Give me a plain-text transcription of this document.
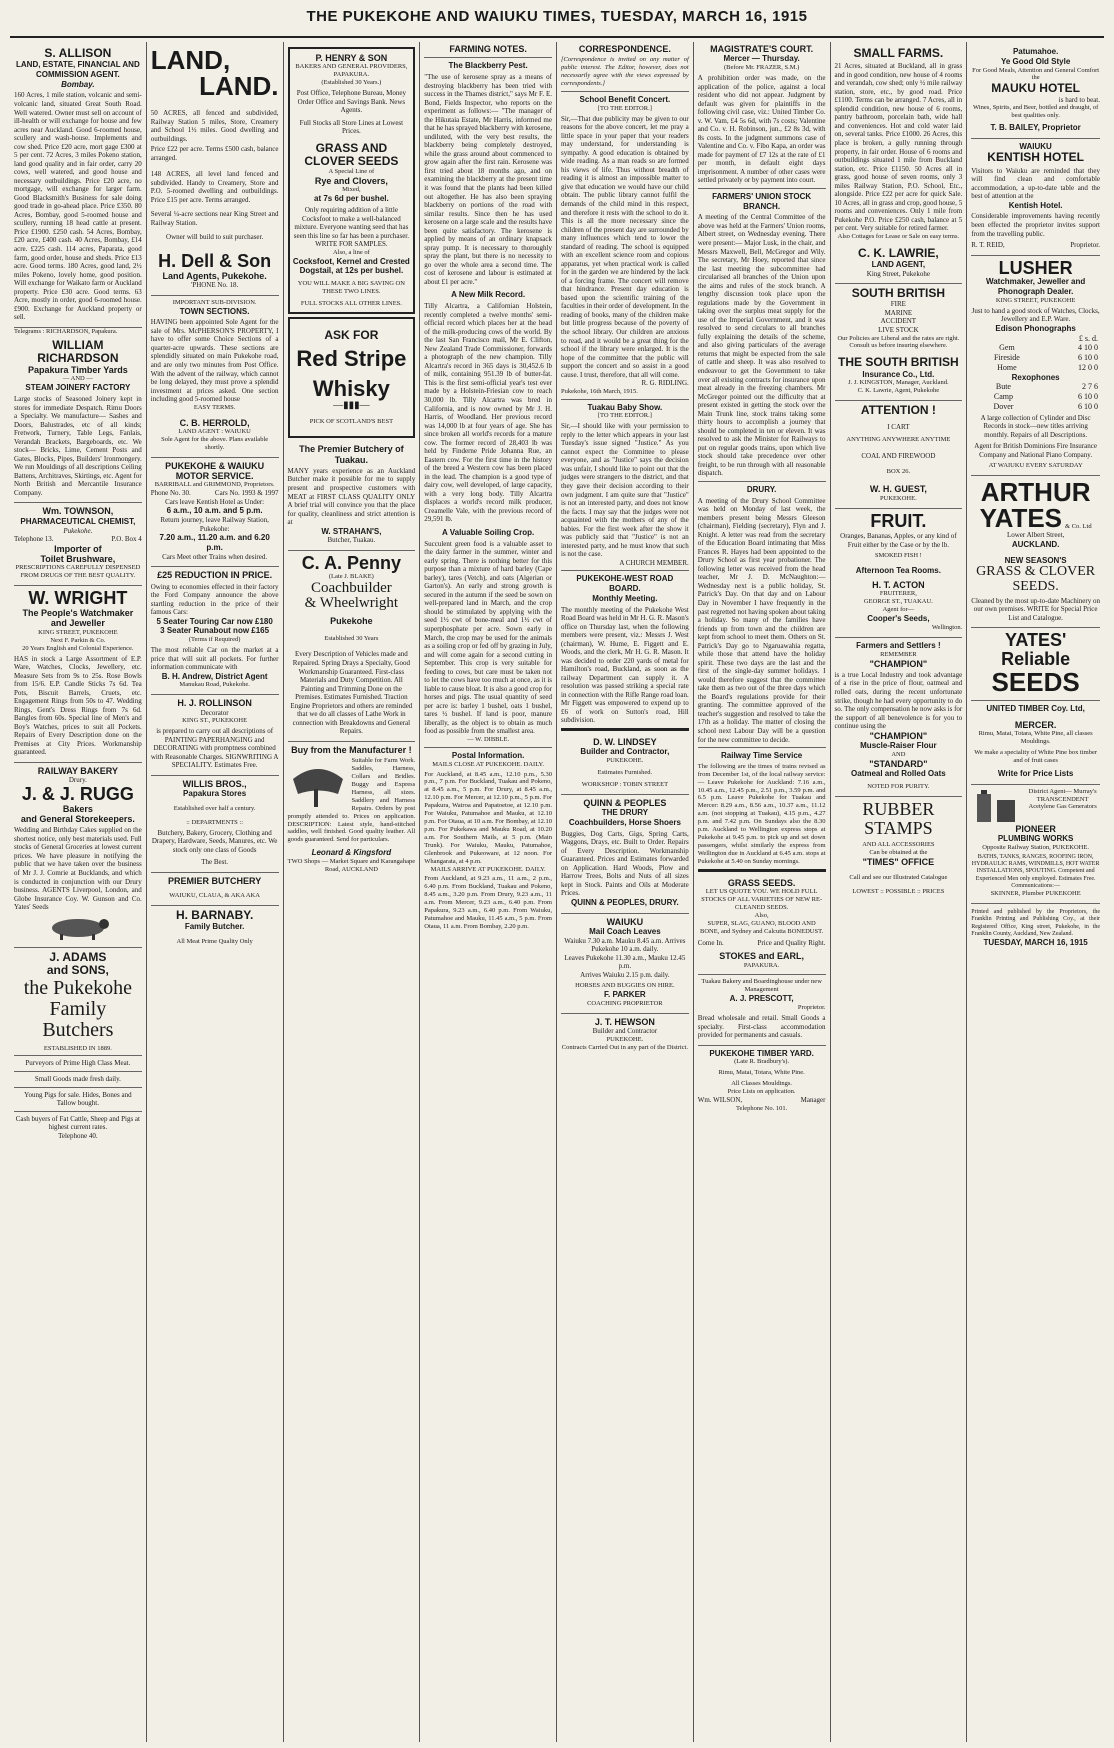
THE PUKEKOHE AND WAIUKU TIMES, TUESDAY, MARCH 16, 1915
S. ALLISON
LAND, ESTATE, FINANCIAL AND COMMISSION AGENT.
Bombay.
160 Acres, 1 mile station, volcanic and semi-volcanic land, situated Great South Road. Well watered. Owner must sell on account of ill-health or will exchange for house and few acres near Auckland. Good 6-roomed house, scullery and wash-house. Implements and cow shed. Price £20 acre, mort gage £300 at 5 per cent. 72 Acres, 3 miles Pokeno station, land good quality and in fair order, carry 20 cows, well watered, and good house and necessary outbuildings. Price £20 acre, no mortgage, will exchange for larger farm. Good Blacksmith's Business for sale doing good trade in go-ahead place. Price £350. 80 Acres, Bombay, good 5-roomed house and scullery, running 18 head cattle at present. Price £1900. £250 cash. 54 Acres, Bombay, £20 acre, £400 cash. 40 Acres, Bombay, £14 acre. £225 cash. 114 acres, Paparata, good farm, good order, house and sheds. Price £13 acre. Good terms. 180 Acres, good land, 2½ miles Pokeno, lovely home, good position. Will exchange for Waikato farm or Auckland property. Price £30 acre. Good terms. 63 Acre, mostly in order, good 6-roomed house. £900. Exchange for Auckland property or sell.
Telegrams : RICHARDSON, Papakura.
WILLIAM RICHARDSON
Papakura Timber Yards
— AND —
STEAM JOINERY FACTORY
Large stocks of Seasoned Joinery kept in stores for immediate Despatch. Rimu Doors a Specialty. We manufacture— Sashes and Doors, Balustrades, etc of all kinds; Fretwork, Turnery, Table Legs, Fanlais, Verandah Brackets, Bargeboards, etc. We stock— Bricks, Lime, Cement Posts and Gates, Blocks, Pipes, Builders' Ironmongery. We run Mouldings of all descriptions Ceiling Battens, Architraves, Skirtings, etc. Agent for North British and Mercantile Insurance Company.
Wm. TOWNSON,
PHARMACEUTICAL CHEMIST,
Pukekohe.
Telephone 13.	P.O. Box 4
Importer of
Toilet Brushware,
PRESCRIPTIONS CAREFULLY DISPENSED FROM DRUGS OF THE BEST QUALITY.
W. WRIGHT
The People's Watchmaker and Jeweller
KING STREET, PUKEKOHE
Next F. Parkin & Co.
20 Years English and Colonial Experience.
HAS in stock a Large Assortment of E.P. Ware, Watches, Clocks, Jewellery, etc. Measure Sets from 9s to 25s. Rose Bowls from 15/6. E.P. Candle Sticks 7s 6d. Tea Pots, Biscuit Barrels, Cruets, etc. Engagement Rings from 50s to 47. Wedding Rings, Gent's Dress Rings from 7s 6d. Bangles from 60s. Special line of Men's and Boy's Watches, prices to suit all Pockets. Repairs of Every Description done on the Premises at City Prices. Workmanship guaranteed.
RAILWAY BAKERY
Drury.
J. & J. RUGG
Bakers
and General Storekeepers.
Wedding and Birthday Cakes supplied on the shortest notice, only best materials used. Full stocks of General Groceries at lowest current prices. We have pleasure in notifying the public that we have taken over the business of Mr J. J. Comrie at Bucklands, and which is conducted in conjunction with our Drury business. AGENTS Liverpool, London, and Globe Insurance Coy. W. Gunson and Co. Yates' Seeds
J. ADAMS
and SONS,
the Pukekohe
Family Butchers
ESTABLISHED IN 1889.
Purveyors of Prime High Class Meat.
Small Goods made fresh daily.
Young Pigs for sale. Hides, Bones and Tallow bought.
Cash buyers of Fat Cattle, Sheep and Pigs at highest current rates.
Telephone 40.
LAND,
LAND.
50 ACRES, all fenced and subdivided, Railway Station 5 miles, Store, Creamery and School 1½ miles. Good dwelling and outbuildings.
Price £22 per acre. Terms £500 cash, balance arranged.
148 ACRES, all level land fenced and subdivided. Handy to Creamery, Store and P.O. 5-roomed dwelling and outbuildings. Price £15 per acre. Terms arranged.
Several ¼-acre sections near King Street and Railway Station.
Owner will build to suit purchaser.
H. Dell & Son
Land Agents, Pukekohe.
'PHONE No. 18.
IMPORTANT SUB-DIVISION.
TOWN SECTIONS.
HAVING been appointed Sole Agent for the sale of Mrs. McPHERSON'S PROPERTY, I have to offer some Choice Sections of a quarter-acre upwards. These sections are splendidly situated on main Pukekohe road, and are only two minutes from Post Office. With the advent of the railway, which cannot be long delayed, they must prove a splendid investment at prices asked. One section including good 5-roomed house
EASY TERMS.
C. B. HERROLD,
LAND AGENT : WAIUKU
Sole Agent for the above. Plans available shortly.
PUKEKOHE & WAIUKU MOTOR SERVICE.
BARRIBALL and GRIMMOND, Proprietors.
Phone No. 30.	Cars No. 1993 & 1997
Cars leave Kentish Hotel as Under:
6 a.m., 10 a.m. and 5 p.m.
Return journey, leave Railway Station, Pukekohe:
7.20 a.m., 11.20 a.m. and 6.20 p.m.
Cars Meet other Trains when desired.
£25 REDUCTION IN PRICE.
Owing to economies effected in their factory the Ford Company announce the above startling reduction in the price of their famous Cars:
5 Seater Touring Car now £180
3 Seater Runabout now £165
(Terms if Required)
The most reliable Car on the market at a price that will suit all pockets. For further information communicate with
B. H. Andrew, District Agent
Manukau Road, Pukekohe.
H. J. ROLLINSON
Decorator
KING ST., PUKEKOHE
is prepared to carry out all descriptions of PAINTING PAPERHANGING and DECORATING with promptness combined with Reasonable Charges. SIGNWRITING A SPECIALITY. Estimates Free.
WILLIS BROS.,
Papakura Stores
Established over half a century.
:: DEPARTMENTS ::
Butchery, Bakery, Grocery, Clothing and Drapery, Hardware, Seeds, Manures, etc. We stock only one class of Goods
The Best.
PREMIER BUTCHERY
WAIUKU, CLAUA, & AKA AKA
H. BARNABY.
Family Butcher.
All Meat Prime Quality Only
P. HENRY & SON
BAKERS AND GENERAL PROVIDERS, PAPAKURA.
(Established 30 Years.)
Post Office, Telephone Bureau, Money Order Office and Savings Bank. News Agents.
Full Stocks all Store Lines at Lowest Prices.
GRASS AND CLOVER SEEDS
A Special Line of
Rye and Clovers,
Mixed,
at 7s 6d per bushel.
Only requiring addition of a little Cocksfoot to make a well-balanced mixture. Everyone wanting seed that has seen this line so far has been a purchaser. WRITE FOR SAMPLES.
Also, a line of
Cocksfoot, Kernel and Crested Dogstail, at 12s per bushel.
YOU WILL MAKE A BIG SAVING ON THESE TWO LINES.
FULL STOCKS ALL OTHER LINES.
ASK FOR
Red Stripe
Whisky
—▮▮▮—
PICK OF SCOTLAND'S BEST
The Premier Butchery of Tuakau.
MANY years experience as an Auckland Butcher make it possible for me to supply present and prospective customers with MEAT at FIRST CLASS QUALITY ONLY A brief trial will convince you that the place for quality, cleanliness and strict attention is at
W. STRAHAN'S,
Butcher, Tuakau.
C. A. Penny
(Late J. BLAKE)
Coachbuilder
& Wheelwright
Pukekohe
Established 30 Years
Every Description of Vehicles made and Repaired. Spring Drays a Specialty, Good Workmanship Guaranteed. First-class Materials and Duty Competition. All Painting and Trimming Done on the Premises. Estimates Furnished. Traction Engine Proprietors and others are reminded that we do all classes of Lathe Work in connection with Breakdowns and General Repairs.
Buy from the Manufacturer !
Suitable for Farm Work. Saddles, Harness, Collars and Bridles. Buggy and Express Harness, all sizes. Saddlery and Harness Repairs. Orders by post promptly attended to. Prices on application. DESCRIPTION: Latest style, hand-stitched saddles, well finished. Good quality leather. All goods guaranteed. Send for particulars.
Leonard & Kingsford
TWO Shops — Market Square and Karangahape Road, AUCKLAND
FARMING NOTES.
The Blackberry Pest.
"The use of kerosene spray as a means of destroying blackberry has been tried with success in the Thames district," says Mr F. E. Bond, Fields Inspector, who reports on the experiment as follows:— "The manager of the Hikutaia Estate, Mr Harris, informed me that he has sprayed blackberry with kerosene, undiluted, with the very best results, the blackberry being completely destroyed, while the grass around about commenced to grow again after the first rain. Kerosene was first tried about 18 months ago, and on examining the blackberry at the present time it was found that the plants had been killed out altogether. He has also been spraying blackberry on portions of the road with similar results. Since then he has used kerosene on a large scale and the results have been quite satisfactory. The kerosene is applied by means of an ordinary knapsack spray pump. It is necessary to thoroughly spray the plant, but there is no necessity to go over the whole area a second time. The cost of kerosene and labour is estimated at about £1 per acre."
A New Milk Record.
Tilly Alcartra, a Californian Holstein, recently completed a twelve months' semi-official record which places her at the head of the milk-producing cows of the world. By the last San Francisco mail, Mr E. Clifton, New Zealand Trade Commissioner, forwards a photograph of the new champion. Tilly Alcartra's record in 365 days is 30,452.6 lb of milk, containing 951.39 lb of butter-fat. This is the first semi-official year's test ever made by a Holstein-Friesian cow to reach 30,000 lb. Tilly Alcartra was bred in California, and is now owned by Mr J. H. Harris, of Woodland. Her previous record was 14,000 lb at four years of age. She has since broken all world's records for a mature cow. The former record of 28,403 lb was held by Finderne Pride Johanna Rue, an Eastern cow. For the first time in the history of the breed a Western cow has been placed in the lead. The champion is a good type of dairy cow, well developed, of large capacity, with a very long body. Tilly Alcartra displaces a world's record milk producer, Creamelle Vale, with the previous record of 29,591 lb.
A Valuable Soiling Crop.
Succulent green food is a valuable asset to the dairy farmer in the summer, winter and early spring. There is nothing better for this purpose than a mixture of hard barley (Cape barley), tares (Vetch), and oats (Algerian or Garton's). An early and strong growth is secured in the autumn if the seed be sown on well-prepared land in March, and the crop should be stimulated by applying with the seed 1½ cwt of bone-meal and 1½ cwt of superphosphate per acre. Sown early in March, the crop may be used for the animals as a soiling crop or fed off by grazing in July, and will come again for a second cutting in September. This crop is very suitable for feeding to cows, but care must be taken not to let the cows have too much at once, as it is liable to cause bloat. It is also a good crop for horses and pigs. The usual quantity of seed per acre is: barley 1 bushel, oats 1 bushel, tares ½ bushel. If land is poor, manure liberally, as the object is to obtain as much food as possible from the smallest area.
— W. DIBBLE.
Postal Information.
MAILS CLOSE AT PUKEKOHE. DAILY.
For Auckland, at 8.45 a.m., 12.10 p.m., 5.30 p.m., 7 p.m. For Buckland, Tuakau and Pokeno, at 8.45 a.m., 5 p.m. For Drury, at 8.45 a.m., 12.10 p.m. For Mercer, at 12.10 p.m., 5 p.m. For Papakura, Wairoa and Papatoetoe, at 12.10 p.m. For Waiuku, Patumahoe and Mauku, at 12.10 p.m. For Otaua, at 10 a.m. For Bombay, at 12.10 p.m. For Pukekawa and Mauku Road, at 10.20 a.m. For Southern Mails, at 5 p.m. (Main Trunk). For Waiuku, Mauku, Patumahoe, Glenbrook and Pukeoware, at 12 noon. For Whangarata, at 4 p.m.
MAILS ARRIVE AT PUKEKOHE. DAILY.
From Auckland, at 9.23 a.m., 11 a.m., 2 p.m., 6.40 p.m. From Buckland, Tuakau and Pokeno, 8.45 a.m., 3.20 p.m. From Drury, 9.23 a.m., 11 a.m. From Mercer, 9.23 a.m., 6.40 p.m. From Papakura, 9.23 a.m., 6.40 p.m. From Waiuku, Patumahoe and Mauku, 11.45 a.m., 5 p.m. From Otaua, 11 a.m. From Bombay, 2.20 p.m.
CORRESPONDENCE.
[Correspondence is invited on any matter of public interest. The Editor, however, does not necessarily agree with the views expressed by correspondents.]
School Benefit Concert.
[TO THE EDITOR.]
Sir,—That due publicity may be given to our reasons for the above concert, let me pray a little space in your paper that your readers may understand, for understanding is sympathy. A good education is obtained by wide reading. As a man reads so are formed his views of life. Thus without breadth of reading it is almost an impossible matter to give that education we would have our child obtain. The public library cannot fulfil the demands of the child mind in this respect, and therefore it rests with the school to do it. This is all the more necessary since the children of the present day are surrounded by many influences which tend to lower the standard of reading. The school is equipped with an excellent science room and copious apparatus, yet when practical work is called for in the garden we are hindered by the lack of a forcing frame. The concert will remove that hindrance. Present day education is based upon the scientific training of the faculties in their order of development. In the reading of books, many of the children make but little progress because of the poverty of the school library. Our children are anxious to read, and it would be a great thing for the school if the library were enlarged. It is the hope of the committee that the public will support the concert and so assist in a good cause. I trust, therefore, that all will come.
R. G. RIDLING.
Pukekohe, 16th March, 1915.
Tuakau Baby Show.
[TO THE EDITOR.]
Sir,—I should like with your permission to reply to the letter which appears in your last Tuesday's issue signed "Justice." As you cannot expect the Committee to please everyone, and as "Justice" says the decision was unfair, I should like to point out that the judges were strangers to the district, and that they gave their decision according to their own judgment. I am quite sure that "Justice" is not an interested party, and does not know the facts. I may say that the judges were not acquainted with the mothers of any of the babies. For the first week after the show it was publicly said that "Justice" is not an interested party, and he must know that such is not the case.
A CHURCH MEMBER.
PUKEKOHE-WEST ROAD BOARD.
Monthly Meeting.
The monthly meeting of the Pukekohe West Road Board was held in Mr H. G. R. Mason's office on Thursday last, when the following members were present, viz.: Messrs J. West (chairman), W. Hume, E. Figgett and E. Woods, and the clerk, Mr H. G. R. Mason. It was decided to order 220 yards of metal for Hamilton's road, Buckland, as soon as the railway Department can supply it. A resolution was passed striking a special rate in connection with the Rifle Range road loan. Mr Figgett was empowered to expend up to £6 of work on Sutton's road, Hill subdivision.
D. W. LINDSEY
Builder and Contractor,
PUKEKOHE.
Estimates Furnished.
WORKSHOP : TOBIN STREET
QUINN & PEOPLES
THE DRURY
Coachbuilders, Horse Shoers
Buggies, Dog Carts, Gigs, Spring Carts, Waggons, Drays, etc. Built to Order. Repairs of Every Description. Workmanship Guaranteed. Prices and Estimates forwarded on Application. Hard Woods, Plow and Harrow Trees, Bolts and Nuts of all sizes kept in Stock. Paints and Oils at Moderate Prices.
QUINN & PEOPLES, DRURY.
WAIUKU
Mail Coach Leaves
Waiuku 7.30 a.m. Mauku 8.45 a.m. Arrives Pukekohe 10 a.m. daily.
Leaves Pukekohe 11.30 a.m., Mauku 12.45 p.m.
Arrives Waiuku 2.15 p.m. daily.
HORSES AND BUGGIES ON HIRE.
F. PARKER
COACHING PROPRIETOR
J. T. HEWSON
Builder and Contractor
PUKEKOHE.
Contracts Carried Out in any part of the District.
MAGISTRATE'S COURT.
Mercer — Thursday.
(Before Mr. FRAZER, S.M.)
A prohibition order was made, on the application of the police, against a local resident who did not appear. Judgment by default was given for plaintiffs in the following civil case, viz.: United Timber Co. v. W. Vam, £4 5s 6d, with 7s costs; Valentine and Co. v. H. Robinson, jun., £2 8s 3d, with 8s costs. In the judgment summons case of Valentine and Co. v. Fibo Kapa, an order was made for payment of £7 12s at the rate of £1 per month, in default eight days imprisonment. A number of other cases were settled privately or by payment into court.
FARMERS' UNION STOCK BRANCH.
A meeting of the Central Committee of the above was held at the Farmers' Union rooms, Albert street, on Wednesday evening. There were present:— Major Lusk, in the chair, and Messrs Maxwell, Bell, McGregor and Wily. The secretary, Mr Hoey, reported that since the last meeting the subcommittee had circularised all branches of the Union upon the aims and rules of the stock branch. A lengthy discussion took place upon the regulations made by the Government in taking over the surplus meat supply for the use of the Imperial Government, and it was resolved to send circulars to all branches fully explaining the details of the scheme, and also giving particulars of the average returns that might be expected from the sale of cattle and sheep. It was also resolved to endeavour to get the Government to take over all existing contracts for insurance upon meat already in the freezing chambers. Mr McGregor pointed out the difficulty that at present existed in getting the stock over the Main Trunk line, stock trains taking some thirty hours to accomplish a journey that should be completed in ten or eleven. It was resolved to ask the Minister for Railways to put on regular goods trains, upon which live stock should take precedence over other freight, to be run through with all reasonable dispatch.
DRURY.
A meeting of the Drury School Committee was held on Monday of last week, the members present being Messrs Gleeson (chairman), Fielding (secretary), Flyn and J. Knight. A letter was read from the secretary of the Education Board intimating that Miss Frances R. Hayes had been appointed to the Drury School as first year probationer. The following letter was received from the head teacher, Mr J. D. McNaughton:— Wednesday next is a public holiday, St. Patrick's Day. On that day and on Labour Day in November I have frequently in the past regretted not having spoken about taking a holiday. So many of the families have friends up from town and the children are kept from school to meet them. Others on St. Patrick's Day go to Ngaruawahia regatta, while those that attend have the holiday spirit. These two days are the last and the first of the single-day summer holidays. I would therefore suggest that the committee take them as two out of the three days which the Board's regulations provide for their granting. The committee approved of the teacher's suggestion and resolved to take the 17th as a holiday. The matter of closing the school next Labour Day will be a question for the new committee to decide.
Railway Time Service
The following are the times of trains revised as from December 1st, of the local railway service:— Leave Pukekohe for Auckland: 7.16 a.m., 10.45 a.m., 12.45 p.m., 2.51 p.m., 3.59 p.m. and 6.5 p.m. Leave Pukekohe for Tuakau and Mercer: 8.29 a.m., 8.56 a.m., 10.37 a.m., 11.12 a.m. (not stopping at Tuakau), 4.15 p.m., 4.27 p.m. and 7.42 p.m. On Sundays also the 8.30 p.m. Auckland to Wellington express stops at Pukekohe at 9.45 p.m. to pick up and set down passengers, whilst similarly the express from Wellington due in Auckland at 6.45 a.m. stops at Pukekohe at 5.40 on Sunday mornings.
GRASS SEEDS.
LET US QUOTE YOU. WE HOLD FULL STOCKS OF ALL VARIETIES OF NEW RE-CLEANED SEEDS.
Also,
SUPER, SLAG, GUANO, BLOOD AND BONE, and Sydney and Calcutta BONEDUST.
Come In.	Price and Quality Right.
STOKES and EARL,
PAPAKURA.
Tuakau Bakery and Boardinghouse under new Management
A. J. PRESCOTT,
Proprietor.
Bread wholesale and retail. Small Goods a specialty. First-class accommodation provided for permanents and casuals.
PUKEKOHE TIMBER YARD.
(Late R. Bradbury's).
Rimu, Matai, Totara, White Pine.
All Classes Mouldings.
Price Lists on application.
Wm. WILSON,	Manager
Telephone No. 101.
SMALL FARMS.
21 Acres, situated at Buckland, all in grass and in good condition, new house of 4 rooms and verandah, cow shed; only ½ mile railway station, store, etc., by good road. Price £1100. Terms can be arranged. 7 Acres, all in splendid condition, new house of 6 rooms, pantry bathroom, porcelain bath, wide hall and conveniences. Hot and cold water laid on, several tanks. Price £1000. 26 Acres, this place is broken, a gully running through property, in fair order. House of 6 rooms and outbuildings situated 1 mile from Buckland station, etc. Price £1150. 50 Acres all in grass, good house of seven rooms, only 3 miles Railway Station, P.O. School, Etc., alongside. Price £22 per acre for quick Sale. 10 Acres, all in grass and crop, good house, 5 rooms and conveniences. Only 1 mile from Pukekohe P.O. Price £250 cash, balance at 5 per cent. Very suitable for retired farmer.
Also Cottages for Lease or Sale on easy terms.
C. K. LAWRIE,
LAND AGENT,
King Street, Pukekohe
SOUTH BRITISH
FIRE
MARINE
ACCIDENT
LIVE STOCK
Our Policies are Liberal and the rates are right. Consult us before insuring elsewhere.
THE SOUTH BRITISH
Insurance Co., Ltd.
J. J. KINGSTON, Manager, Auckland.
C. K. Lawrie, Agent, Pukekohe
ATTENTION !
I CART
ANYTHING ANYWHERE ANYTIME
COAL AND FIREWOOD
BOX 26.
W. H. GUEST,
PUKEKOHE.
FRUIT.
Oranges, Bananas, Apples, or any kind of Fruit either by the Case or by the lb.
SMOKED FISH !
Afternoon Tea Rooms.
H. T. ACTON
FRUITERER,
GEORGE ST., TUAKAU.
Agent for—
Cooper's Seeds,
Wellington.
Farmers and Settlers !
REMEMBER
"CHAMPION"
is a true Local Industry and took advantage of a rise in the price of flour, oatmeal and rolled oats, during the recent unfortunate strike, though he had every opportunity to do so. The only compensation he now asks is for the support of all benevolence is for you to continue using the
"CHAMPION"
Muscle-Raiser Flour
AND
"STANDARD"
Oatmeal and Rolled Oats
NOTED FOR PURITY.
RUBBER STAMPS
AND ALL ACCESSORIES
Can be obtained at the
"TIMES" OFFICE
Call and see our Illustrated Catalogue
LOWEST :: POSSIBLE :: PRICES
Patumahoe.
Ye Good Old Style
For Good Meals, Attention and General Comfort the
MAUKU HOTEL
is hard to beat.
Wines, Spirits, and Beer, bottled and draught, of best qualities only.
T. B. BAILEY, Proprietor
WAIUKU
KENTISH HOTEL
Visitors to Waiuku are reminded that they will find clean and comfortable accommodation, a up-to-date table and the best of attention at the
Kentish Hotel.
Considerable improvements having recently been effected the proprietor invites support from the travelling public.
R. T. REID,	Proprietor.
LUSHER
Watchmaker, Jeweller and Phonograph Dealer.
KING STREET, PUKEKOHE
Just to hand a good stock of Watches, Clocks, Jewellery and E.P. Ware.
Edison Phonographs
	£ s. d.
Gem	4 10 0
Fireside	6 10 0
Home	12 0 0
Rexophones
Bute	2 7 6
Camp	6 10 0
Dover	6 10 0
A large collection of Cylinder and Disc Records in stock—new titles arriving monthly. Repairs of all Descriptions.
Agent for British Dominions Fire Insurance Company and National Piano Company.
AT WAIUKU EVERY SATURDAY
ARTHUR
YATES & Co. Ltd
Lower Albert Street,
AUCKLAND.
NEW SEASON'S
GRASS & CLOVER SEEDS.
Cleaned by the most up-to-date Machinery on our own premises. WRITE for Special Price List and Catalogue.
YATES'
Reliable
SEEDS
UNITED TIMBER Coy. Ltd,
MERCER.
Rimu, Matai, Totara, White Pine, all classes Mouldings.
We make a speciality of White Pine box timber and of fruit cases
Write for Price Lists
District Agent— Murray's TRANSCENDENT Acetylene Gas Generators
PIONEER
PLUMBING WORKS
Opposite Railway Station, PUKEKOHE.
BATHS, TANKS, RANGES, ROOFING IRON, HYDRAULIC RAMS, WINDMILLS, HOT WATER INSTALLATIONS, SPOUTING. Competent and Experienced Men only employed. Estimates Free. Communications:—
SKINNER, Plumber PUKEKOHE
Printed and published by the Proprietors, the Franklin Printing and Publishing Coy., at their Registered Office, King street, Pukekohe, in the Franklin County, Auckland, New Zealand.
TUESDAY, MARCH 16, 1915
